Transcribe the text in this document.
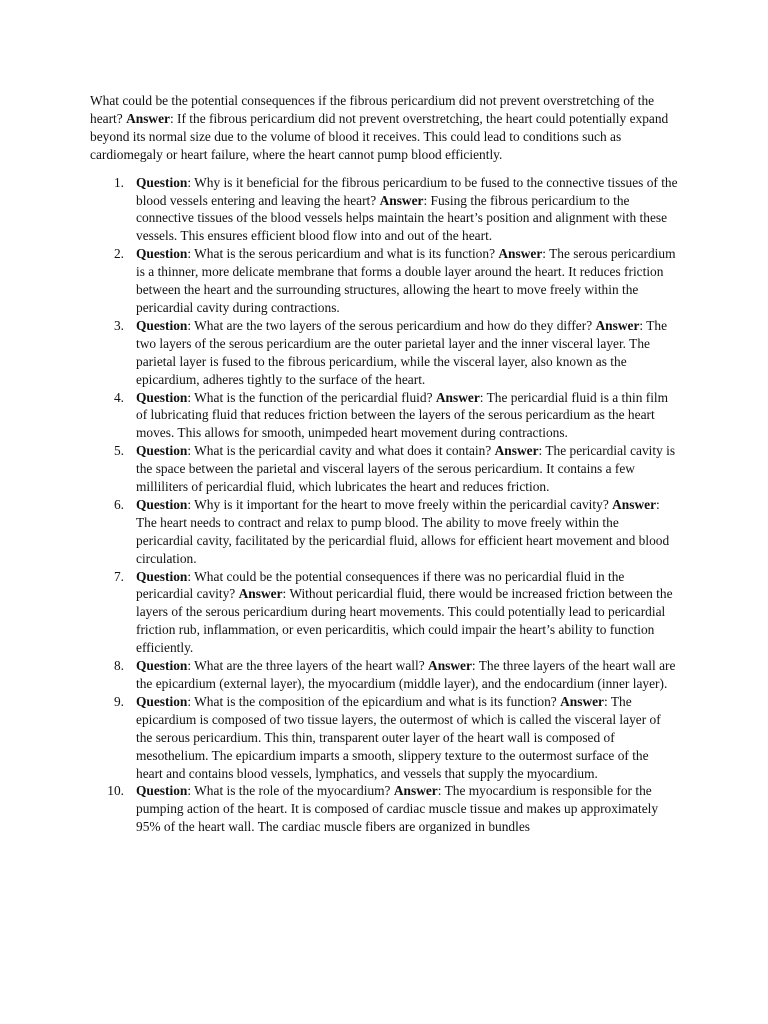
What could be the potential consequences if the fibrous pericardium did not prevent overstretching of the heart? Answer: If the fibrous pericardium did not prevent overstretching, the heart could potentially expand beyond its normal size due to the volume of blood it receives. This could lead to conditions such as cardiomegaly or heart failure, where the heart cannot pump blood efficiently.

1. Question: Why is it beneficial for the fibrous pericardium to be fused to the connective tissues of the blood vessels entering and leaving the heart? Answer: Fusing the fibrous pericardium to the connective tissues of the blood vessels helps maintain the heart’s position and alignment with these vessels. This ensures efficient blood flow into and out of the heart.
2. Question: What is the serous pericardium and what is its function? Answer: The serous pericardium is a thinner, more delicate membrane that forms a double layer around the heart. It reduces friction between the heart and the surrounding structures, allowing the heart to move freely within the pericardial cavity during contractions.
3. Question: What are the two layers of the serous pericardium and how do they differ? Answer: The two layers of the serous pericardium are the outer parietal layer and the inner visceral layer. The parietal layer is fused to the fibrous pericardium, while the visceral layer, also known as the epicardium, adheres tightly to the surface of the heart.
4. Question: What is the function of the pericardial fluid? Answer: The pericardial fluid is a thin film of lubricating fluid that reduces friction between the layers of the serous pericardium as the heart moves. This allows for smooth, unimpeded heart movement during contractions.
5. Question: What is the pericardial cavity and what does it contain? Answer: The pericardial cavity is the space between the parietal and visceral layers of the serous pericardium. It contains a few milliliters of pericardial fluid, which lubricates the heart and reduces friction.
6. Question: Why is it important for the heart to move freely within the pericardial cavity? Answer: The heart needs to contract and relax to pump blood. The ability to move freely within the pericardial cavity, facilitated by the pericardial fluid, allows for efficient heart movement and blood circulation.
7. Question: What could be the potential consequences if there was no pericardial fluid in the pericardial cavity? Answer: Without pericardial fluid, there would be increased friction between the layers of the serous pericardium during heart movements. This could potentially lead to pericardial friction rub, inflammation, or even pericarditis, which could impair the heart’s ability to function efficiently.
8. Question: What are the three layers of the heart wall? Answer: The three layers of the heart wall are the epicardium (external layer), the myocardium (middle layer), and the endocardium (inner layer).
9. Question: What is the composition of the epicardium and what is its function? Answer: The epicardium is composed of two tissue layers, the outermost of which is called the visceral layer of the serous pericardium. This thin, transparent outer layer of the heart wall is composed of mesothelium. The epicardium imparts a smooth, slippery texture to the outermost surface of the heart and contains blood vessels, lymphatics, and vessels that supply the myocardium.
10. Question: What is the role of the myocardium? Answer: The myocardium is responsible for the pumping action of the heart. It is composed of cardiac muscle tissue and makes up approximately 95% of the heart wall. The cardiac muscle fibers are organized in bundles
